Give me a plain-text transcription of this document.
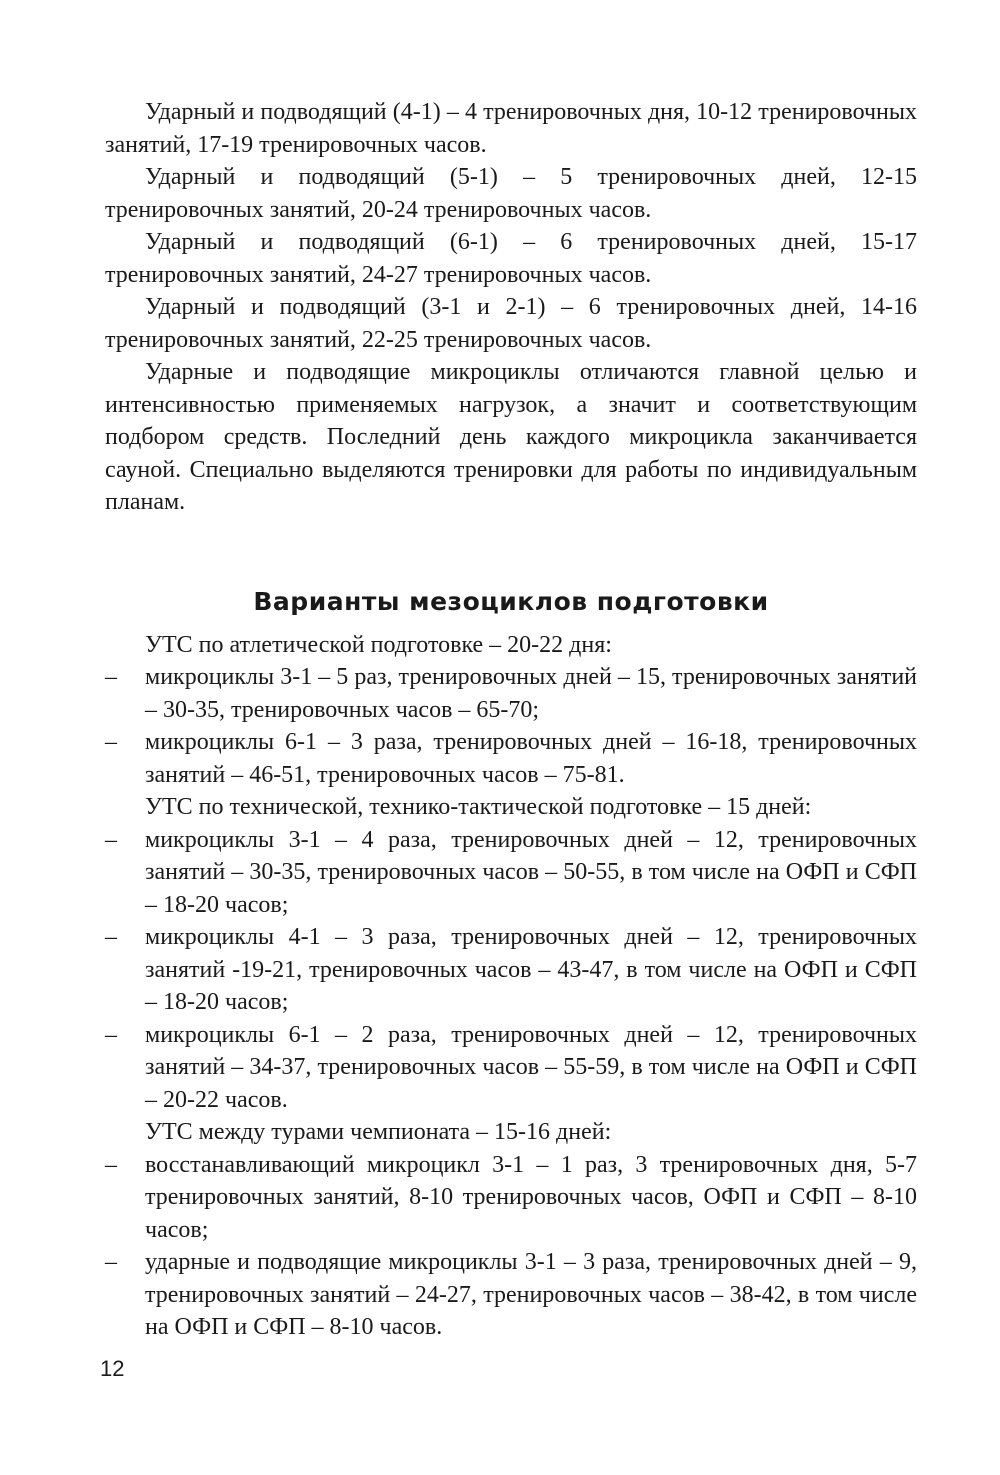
Ударный и подводящий (4-1) – 4 тренировочных дня, 10-12 тренировочных занятий, 17-19 тренировочных часов.

Ударный и подводящий (5-1) – 5 тренировочных дней, 12-15 тренировочных занятий, 20-24 тренировочных часов.

Ударный и подводящий (6-1) – 6 тренировочных дней, 15-17 тренировочных занятий, 24-27 тренировочных часов.

Ударный и подводящий (3-1 и 2-1) – 6 тренировочных дней, 14-16 тренировочных занятий, 22-25 тренировочных часов.

Ударные и подводящие микроциклы отличаются главной целью и интенсивностью применяемых нагрузок, а значит и соответствующим подбором средств. Последний день каждого микроцикла заканчивается сауной. Специально выделяются тренировки для работы по индивидуальным планам.

Варианты мезоциклов подготовки

УТС по атлетической подготовке – 20-22 дня:

– микроциклы 3-1 – 5 раз, тренировочных дней – 15, тренировочных занятий – 30-35, тренировочных часов – 65-70;
– микроциклы 6-1 – 3 раза, тренировочных дней – 16-18, тренировочных занятий – 46-51, тренировочных часов – 75-81.

УТС по технической, технико-тактической подготовке – 15 дней:

– микроциклы 3-1 – 4 раза, тренировочных дней – 12, тренировочных занятий – 30-35, тренировочных часов – 50-55, в том числе на ОФП и СФП – 18-20 часов;
– микроциклы 4-1 – 3 раза, тренировочных дней – 12, тренировочных занятий -19-21, тренировочных часов – 43-47, в том числе на ОФП и СФП – 18-20 часов;
– микроциклы 6-1 – 2 раза, тренировочных дней – 12, тренировочных занятий – 34-37, тренировочных часов – 55-59, в том числе на ОФП и СФП – 20-22 часов.

УТС между турами чемпионата – 15-16 дней:

– восстанавливающий микроцикл 3-1 – 1 раз, 3 тренировочных дня, 5-7 тренировочных занятий, 8-10 тренировочных часов, ОФП и СФП – 8-10 часов;
– ударные и подводящие микроциклы 3-1 – 3 раза, тренировочных дней – 9, тренировочных занятий – 24-27, тренировочных часов – 38-42, в том числе на ОФП и СФП – 8-10 часов.
12
